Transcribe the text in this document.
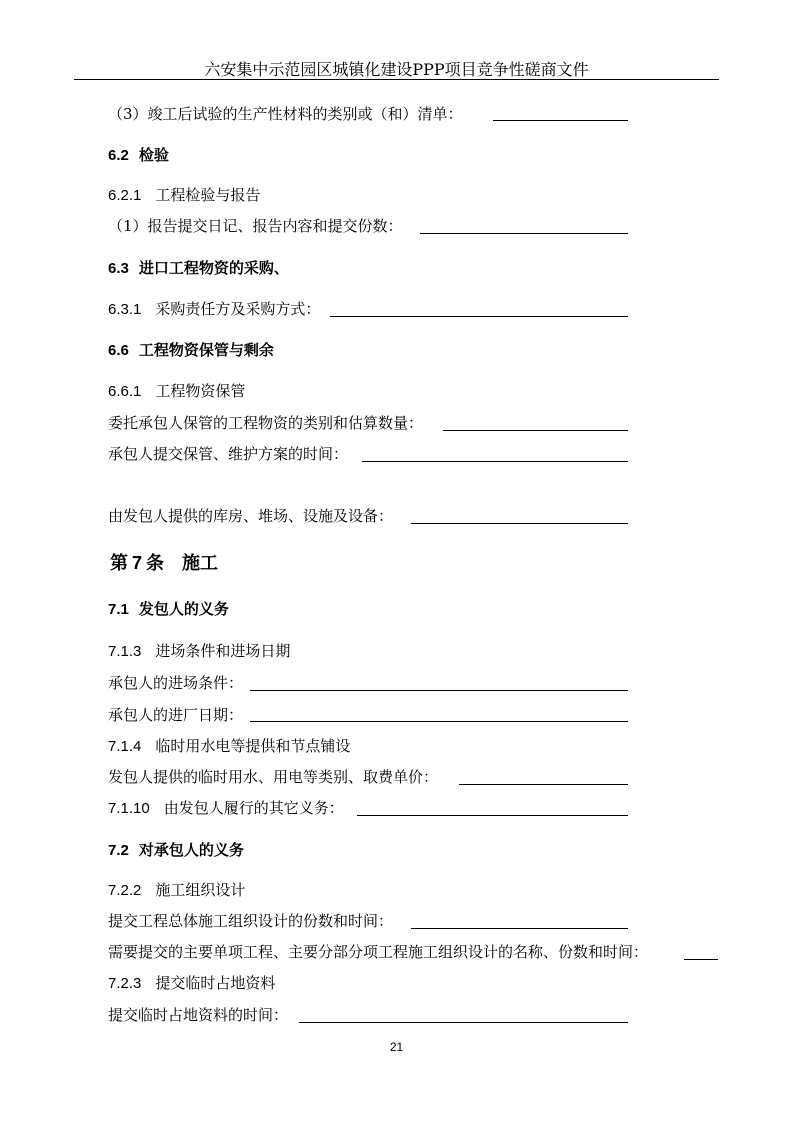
六安集中示范园区城镇化建设PPP项目竞争性磋商文件
（3）竣工后试验的生产性材料的类别或（和）清单：
6.2 检验
6.2.1 工程检验与报告
（1）报告提交日记、报告内容和提交份数：
6.3 进口工程物资的采购、
6.3.1 采购责任方及采购方式：
6.6 工程物资保管与剩余
6.6.1 工程物资保管
委托承包人保管的工程物资的类别和估算数量：
承包人提交保管、维护方案的时间：
由发包人提供的库房、堆场、设施及设备：
第 7 条　施工
7.1 发包人的义务
7.1.3 进场条件和进场日期
承包人的进场条件：
承包人的进厂日期：
7.1.4 临时用水电等提供和节点铺设
发包人提供的临时用水、用电等类别、取费单价：
7.1.10 由发包人履行的其它义务：
7.2 对承包人的义务
7.2.2 施工组织设计
提交工程总体施工组织设计的份数和时间：
需要提交的主要单项工程、主要分部分项工程施工组织设计的名称、份数和时间：
7.2.3 提交临时占地资料
提交临时占地资料的时间：
21
